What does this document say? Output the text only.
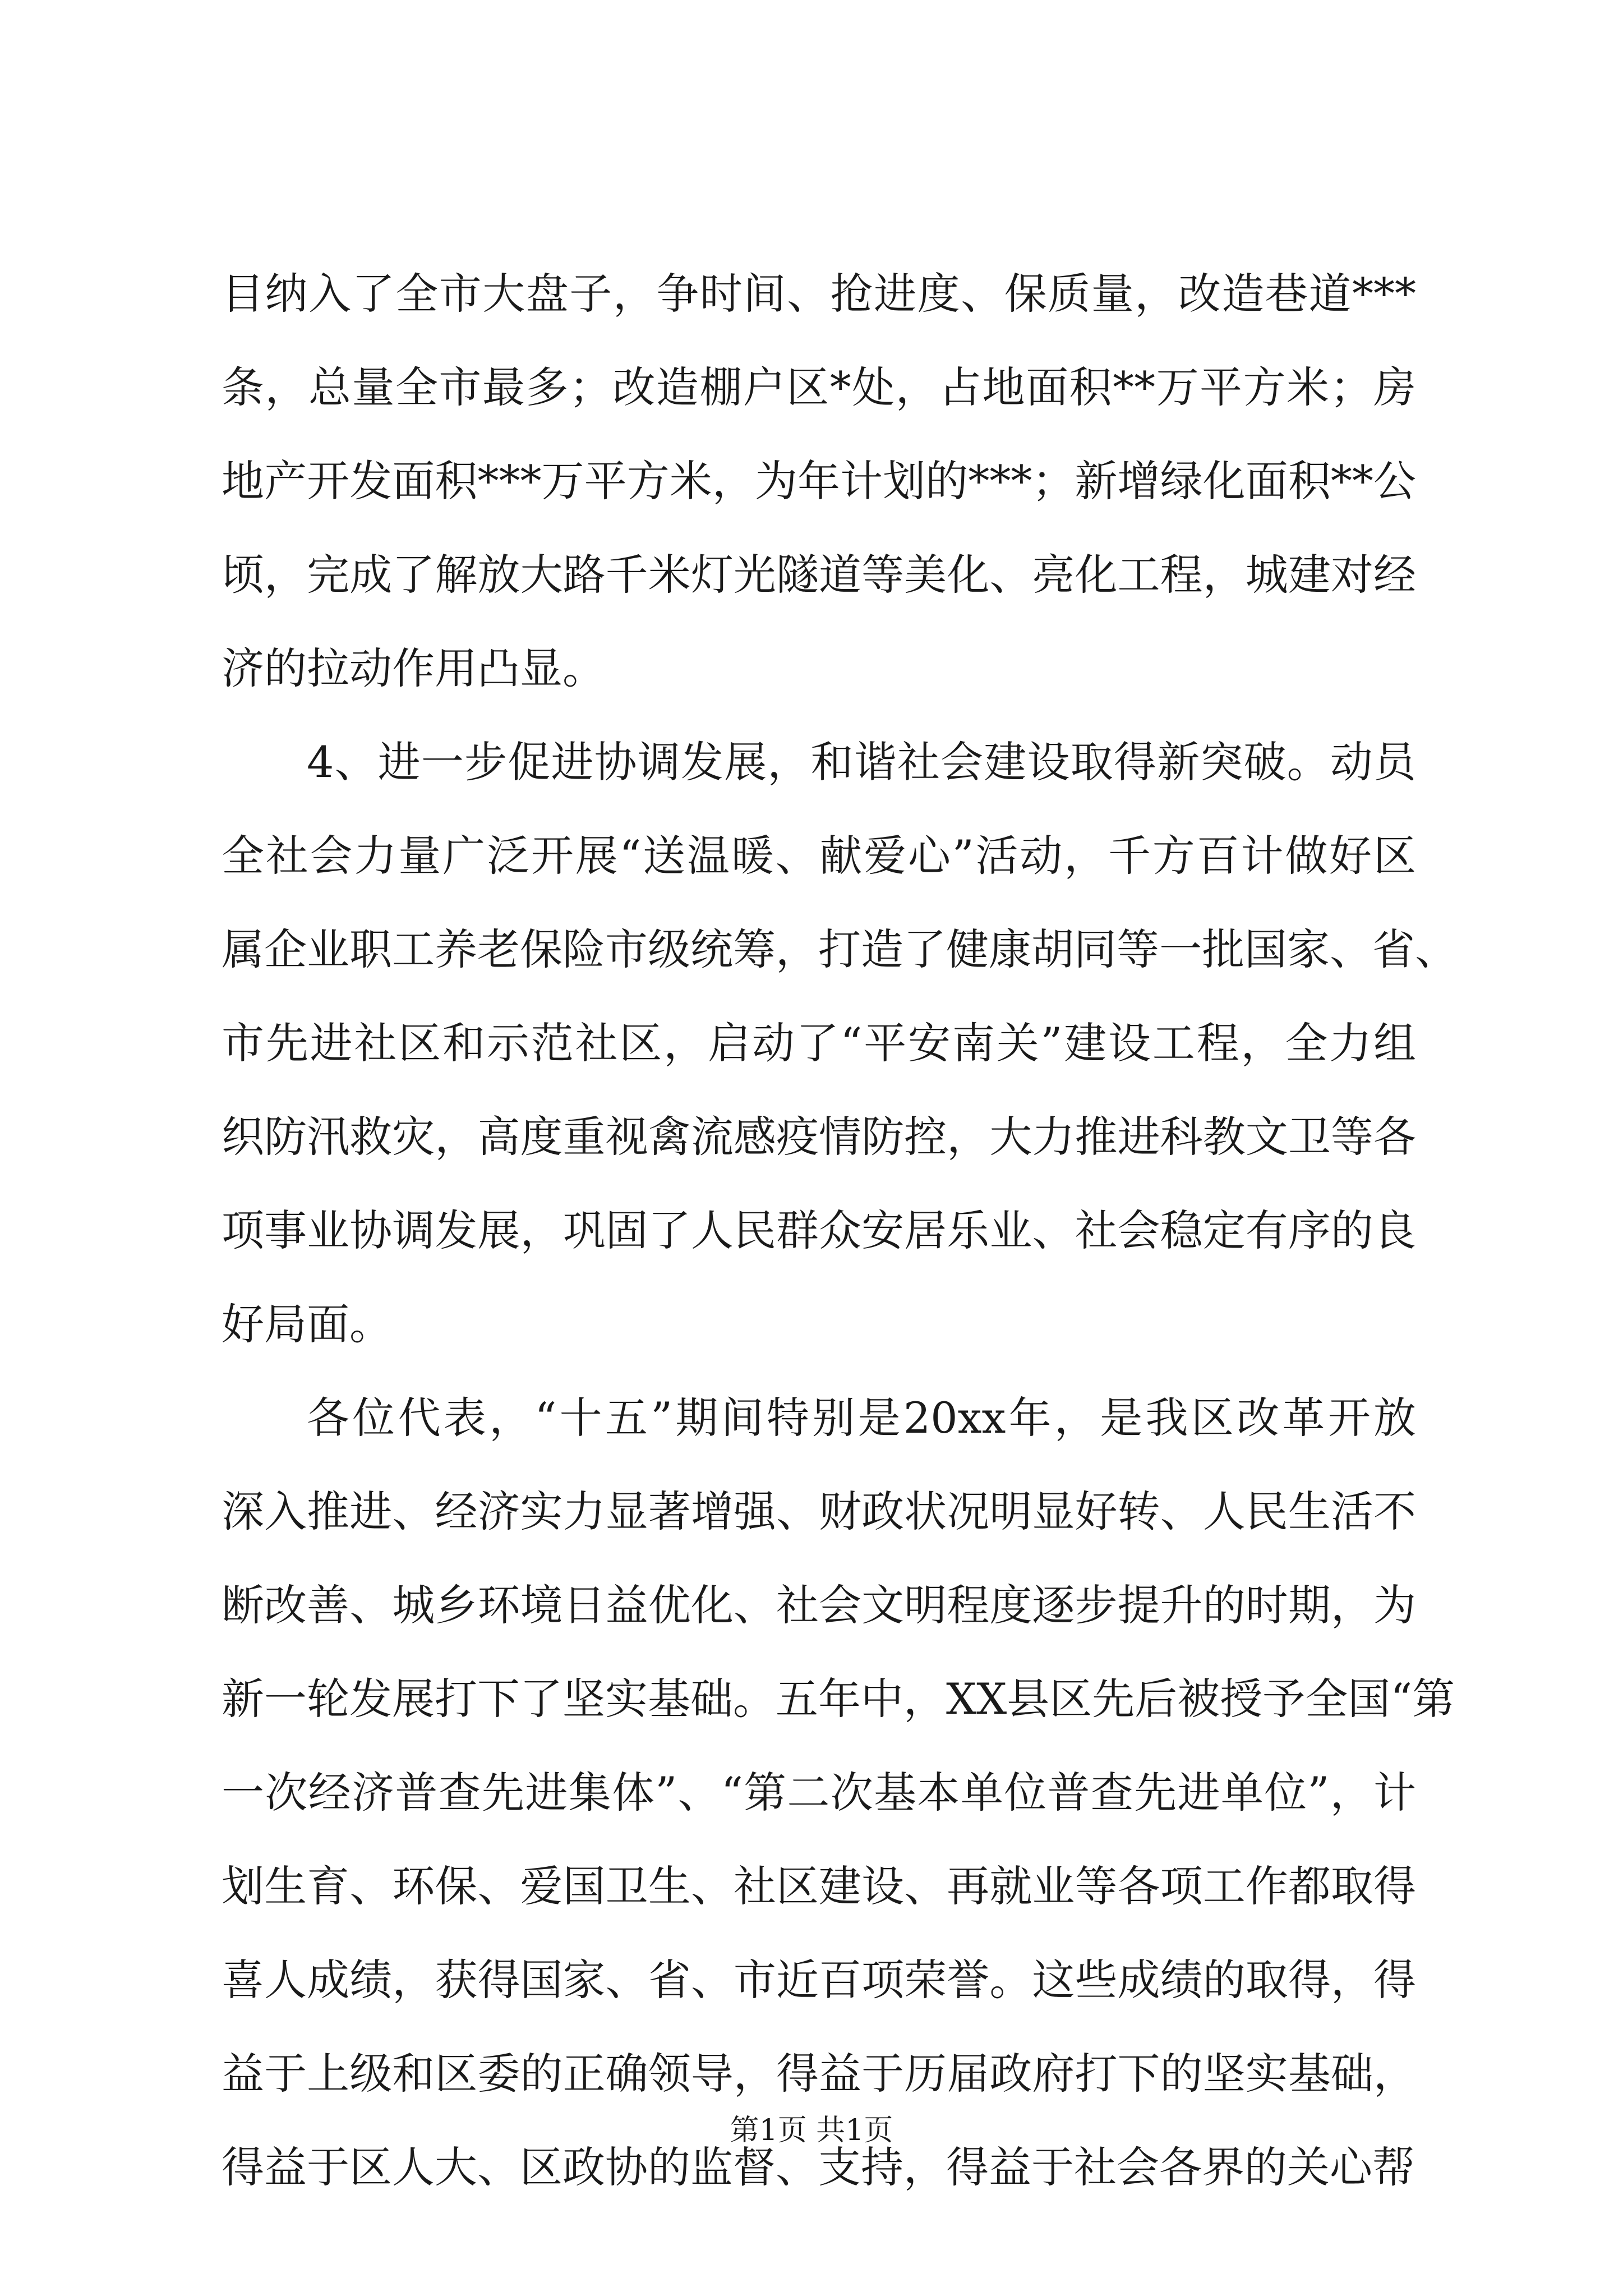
目纳入了全市大盘子，争时间、抢进度、保质量，改造巷道***
条，总量全市最多；改造棚户区*处，占地面积**万平方米；房
地产开发面积***万平方米，为年计划的***；新增绿化面积**公
顷，完成了解放大路千米灯光隧道等美化、亮化工程，城建对经
济的拉动作用凸显。
4、进一步促进协调发展，和谐社会建设取得新突破。动员
全社会力量广泛开展“送温暖、献爱心”活动，千方百计做好区
属企业职工养老保险市级统筹，打造了健康胡同等一批国家、省、
市先进社区和示范社区，启动了“平安南关”建设工程，全力组
织防汛救灾，高度重视禽流感疫情防控，大力推进科教文卫等各
项事业协调发展，巩固了人民群众安居乐业、社会稳定有序的良
好局面。
各位代表，“十五”期间特别是20xx年，是我区改革开放
深入推进、经济实力显著增强、财政状况明显好转、人民生活不
断改善、城乡环境日益优化、社会文明程度逐步提升的时期，为
新一轮发展打下了坚实基础。五年中，XX县区先后被授予全国“第
一次经济普查先进集体”、“第二次基本单位普查先进单位”，计
划生育、环保、爱国卫生、社区建设、再就业等各项工作都取得
喜人成绩，获得国家、省、市近百项荣誉。这些成绩的取得，得
益于上级和区委的正确领导，得益于历届政府打下的坚实基础，
得益于区人大、区政协的监督、支持，得益于社会各界的关心帮
第1页 共1页
